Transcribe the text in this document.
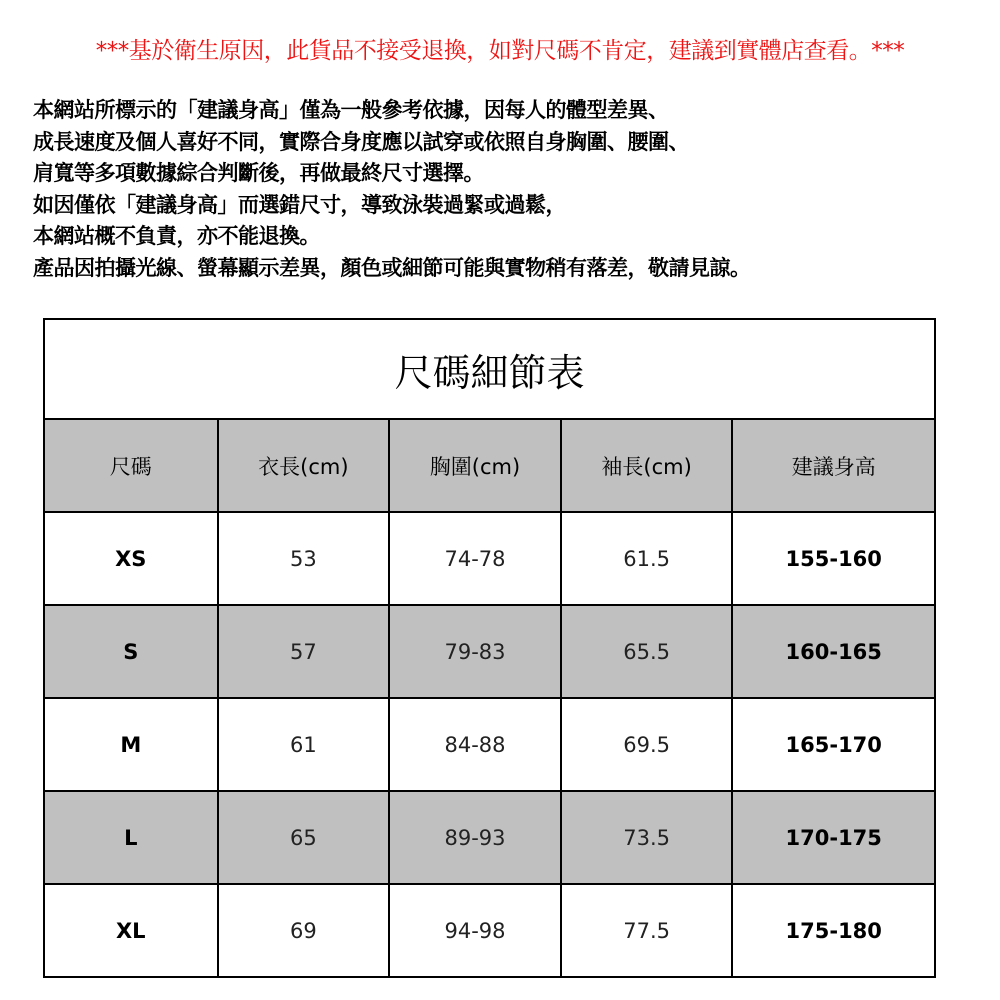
***基於衛生原因，此貨品不接受退換，如對尺碼不肯定，建議到實體店查看。***
本網站所標示的「建議身高」僅為一般參考依據，因每人的體型差異、
成長速度及個人喜好不同，實際合身度應以試穿或依照自身胸圍、腰圍、
肩寬等多項數據綜合判斷後，再做最終尺寸選擇。
如因僅依「建議身高」而選錯尺寸，導致泳裝過緊或過鬆，
本網站概不負責，亦不能退換。
產品因拍攝光線、螢幕顯示差異，顏色或細節可能與實物稍有落差，敬請見諒。
尺碼細節表				
尺碼	衣長(cm)	胸圍(cm)	袖長(cm)	建議身高
XS	53	74-78	61.5	155-160
S	57	79-83	65.5	160-165
M	61	84-88	69.5	165-170
L	65	89-93	73.5	170-175
XL	69	94-98	77.5	175-180
